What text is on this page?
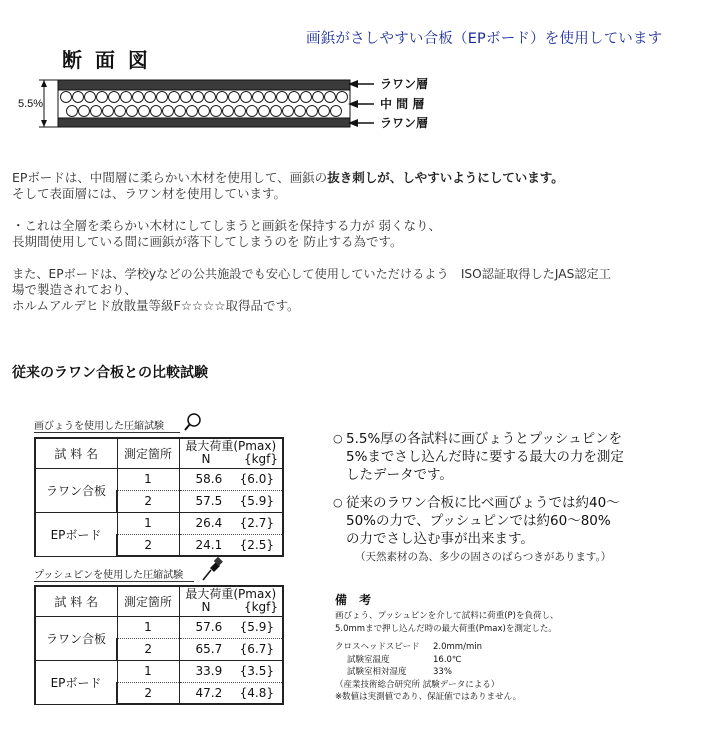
画鋲がさしやすい合板（EPボード）を使用しています
断 面 図
5.5%
ラワン層
中 間 層
ラワン層
EPボードは、中間層に柔らかい木材を使用して、画鋲の抜き刺しが、しやすいようにしています。
そして表面層には、ラワン材を使用しています。
・これは全層を柔らかい木材にしてしまうと画鋲を保持する力が 弱くなり、
長期間使用している間に画鋲が落下してしまうのを 防止する為です。
また、EPボードは、学校yなどの公共施設でも安心して使用していただけるよう　ISO認証取得したJAS認定工
場で製造されており、
ホルムアルデヒド放散量等級F☆☆☆☆取得品です。
従来のラワン合板との比較試験
画びょうを使用した圧縮試験
試 料 名	測定箇所	最大荷重(Pmax)
N {kgf}

ラワン合板	1	58.6 {6.0}

	2	57.5 {5.9}

EPボード	1	26.4 {2.7}

	2	24.1 {2.5}
プッシュピンを使用した圧縮試験
試 料 名	測定箇所	最大荷重(Pmax)
N {kgf}

ラワン合板	1	57.6 {5.9}

	2	65.7 {6.7}

EPボード	1	33.9 {3.5}

	2	47.2 {4.8}
○ 5.5%厚の各試料に画びょうとプッシュピンを
5%までさし込んだ時に要する最大の力を測定
したデータです。
○ 従来のラワン合板に比べ画びょうでは約40～
50%の力で、プッシュピンでは約60～80%
の力でさし込む事が出来ます。
（天然素材の為、多少の固さのばらつきがあります。）
備 考
画びょう、プッシュピンを介して試料に荷重(P)を負荷し、
5.0mmまで押し込んだ時の最大荷重(Pmax)を測定した。
クロスヘッドスピード	2.0mm/min
試験室温度	16.0℃
試験室相対湿度	33%
（産業技術総合研究所 試験データによる）
※数値は実測値であり、保証値ではありません。
